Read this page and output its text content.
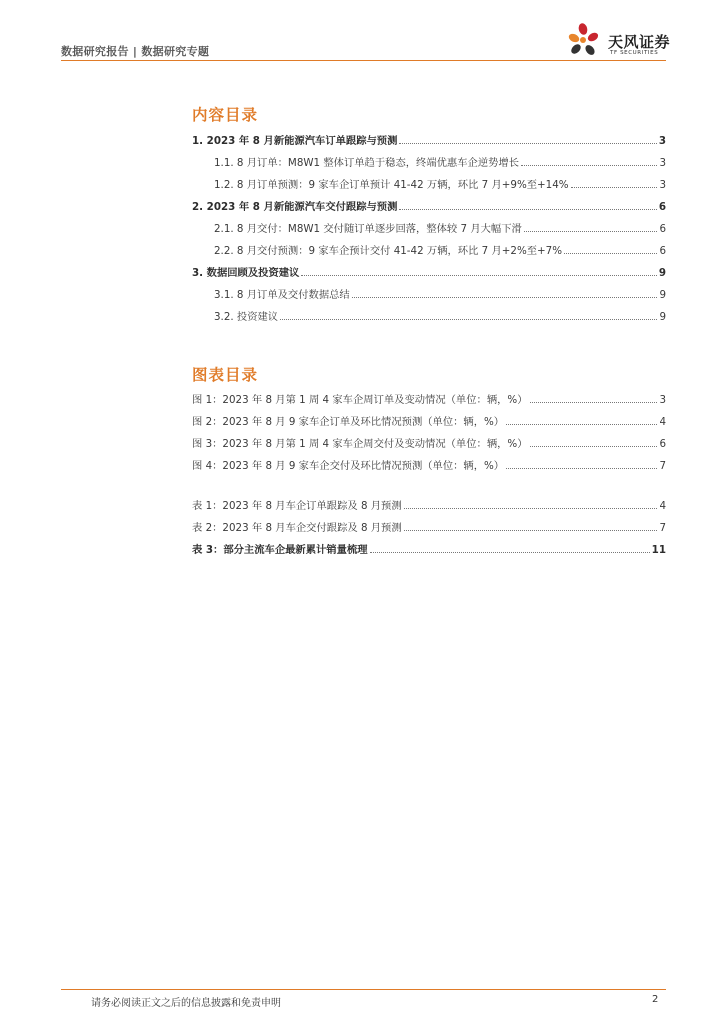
数据研究报告 | 数据研究专题
天风证券
TF SECURITIES
内容目录
1. 2023 年 8 月新能源汽车订单跟踪与预测	3
1.1. 8 月订单：M8W1 整体订单趋于稳态，终端优惠车企逆势增长	3
1.2. 8 月订单预测：9 家车企订单预计 41-42 万辆，环比 7 月+9%至+14%	3
2. 2023 年 8 月新能源汽车交付跟踪与预测	6
2.1. 8 月交付：M8W1 交付随订单逐步回落，整体较 7 月大幅下滑	6
2.2. 8 月交付预测：9 家车企预计交付 41-42 万辆，环比 7 月+2%至+7%	6
3. 数据回顾及投资建议	9
3.1. 8 月订单及交付数据总结	9
3.2. 投资建议	9
图表目录
图 1：2023 年 8 月第 1 周 4 家车企周订单及变动情况（单位：辆，%）	3
图 2：2023 年 8 月 9 家车企订单及环比情况预测（单位：辆，%）	4
图 3：2023 年 8 月第 1 周 4 家车企周交付及变动情况（单位：辆，%）	6
图 4：2023 年 8 月 9 家车企交付及环比情况预测（单位：辆，%）	7
表 1：2023 年 8 月车企订单跟踪及 8 月预测	4
表 2：2023 年 8 月车企交付跟踪及 8 月预测	7
表 3：部分主流车企最新累计销量梳理	11
请务必阅读正文之后的信息披露和免责申明	2
